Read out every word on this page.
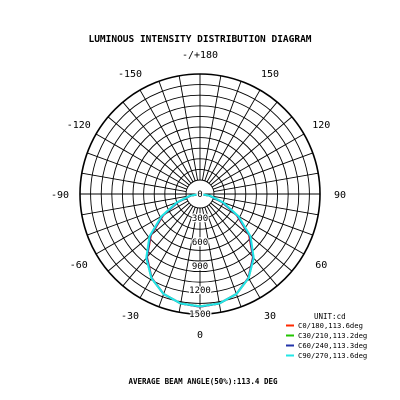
LUMINOUS INTENSITY DISTRIBUTION DIAGRAM
0
300
600
900
1200
1500
-/+180
-150	150
-120	120
-90	90
-60	60
-30	30
0
UNIT:cd
C0/180,113.6deg
C30/210,113.2deg
C60/240,113.3deg
C90/270,113.6deg
AVERAGE BEAM ANGLE(50%):113.4 DEG
